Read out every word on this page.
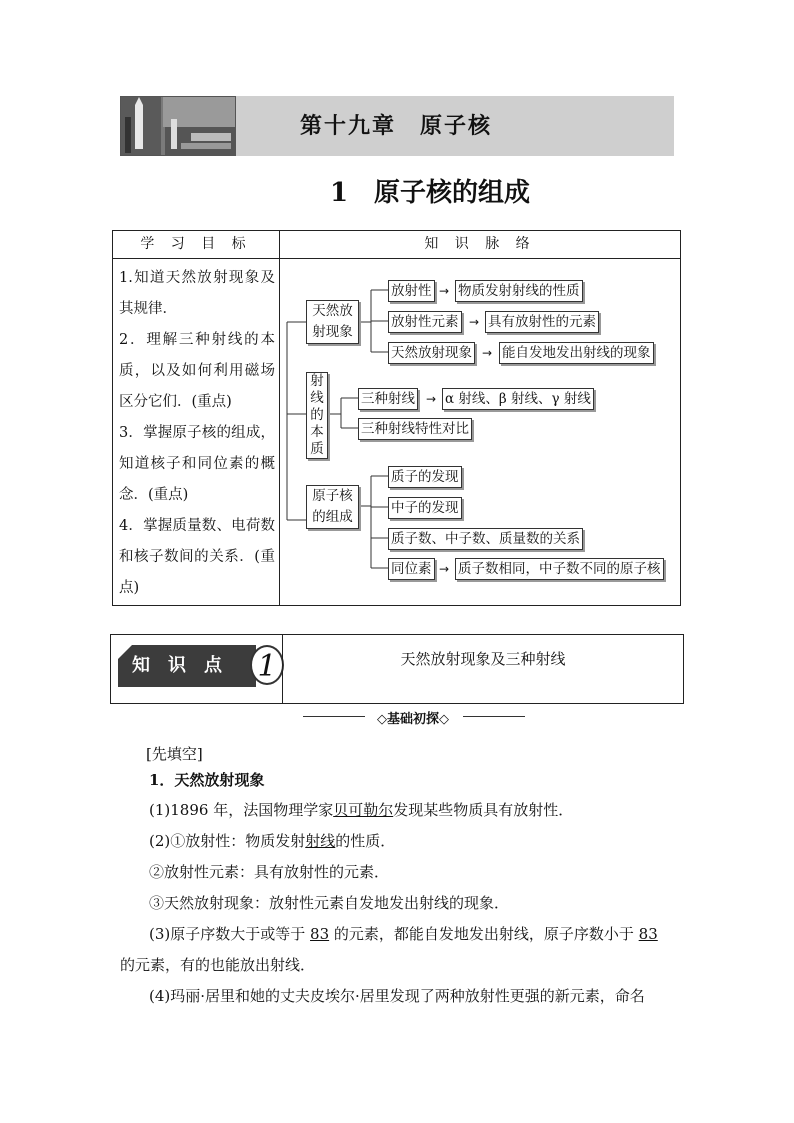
第十九章　原子核
1　原子核的组成
学 习 目 标	知 识 脉 络
1.知道天然放射现象及其规律．
2．理解三种射线的本质，以及如何利用磁场区分它们．(重点)
3．掌握原子核的组成，知道核子和同位素的概念．(重点)
4．掌握质量数、电荷数和核子数间的关系．(重点)
天然放射现象
放射性 → 物质发射射线的性质
放射性元素 → 具有放射性的元素
天然放射现象 → 能自发地发出射线的现象
射线的本质
三种射线 → α 射线、β 射线、γ 射线
三种射线特性对比
原子核的组成
质子的发现
中子的发现
质子数、中子数、质量数的关系
同位素 → 质子数相同，中子数不同的原子核
知识点 1	天然放射现象及三种射线
◇基础初探◇
[先填空]
1．天然放射现象
(1)1896 年，法国物理学家贝可勒尔发现某些物质具有放射性．
(2)①放射性：物质发射射线的性质．
②放射性元素：具有放射性的元素．
③天然放射现象：放射性元素自发地发出射线的现象．
(3)原子序数大于或等于 83 的元素，都能自发地发出射线，原子序数小于 83
的元素，有的也能放出射线．
(4)玛丽·居里和她的丈夫皮埃尔·居里发现了两种放射性更强的新元素，命名
